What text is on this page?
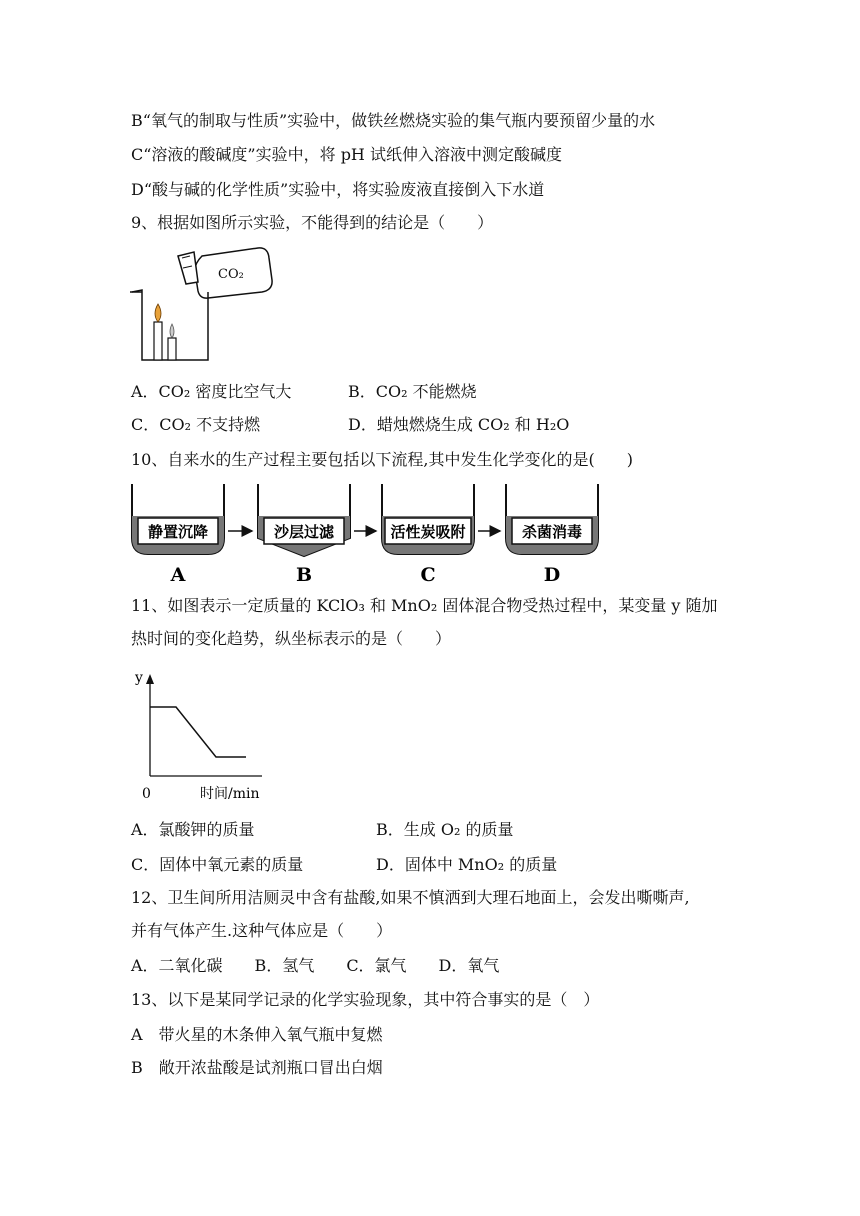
B“氧气的制取与性质”实验中，做铁丝燃烧实验的集气瓶内要预留少量的水
C“溶液的酸碱度”实验中，将 pH 试纸伸入溶液中测定酸碱度
D“酸与碱的化学性质”实验中，将实验废液直接倒入下水道
9、根据如图所示实验，不能得到的结论是（　　）
CO₂
A．CO₂ 密度比空气大	B．CO₂ 不能燃烧
C．CO₂ 不支持燃	D．蜡烛燃烧生成 CO₂ 和 H₂O
10、自来水的生产过程主要包括以下流程,其中发生化学变化的是(　　)
静置沉降
A
沙层过滤
B
活性炭吸附
C
杀菌消毒
D
11、如图表示一定质量的 KClO₃ 和 MnO₂ 固体混合物受热过程中，某变量 y 随加
热时间的变化趋势，纵坐标表示的是（　　）
y
0	时间/min
A．氯酸钾的质量	B．生成 O₂ 的质量
C．固体中氧元素的质量	D．固体中 MnO₂ 的质量
12、卫生间所用洁厕灵中含有盐酸,如果不慎洒到大理石地面上，会发出嘶嘶声,
并有气体产生.这种气体应是（　　）
A．二氧化碳　　B．氢气　　C．氯气　　D．氧气
13、以下是某同学记录的化学实验现象，其中符合事实的是（　）
A　带火星的木条伸入氧气瓶中复燃
B　敞开浓盐酸是试剂瓶口冒出白烟
